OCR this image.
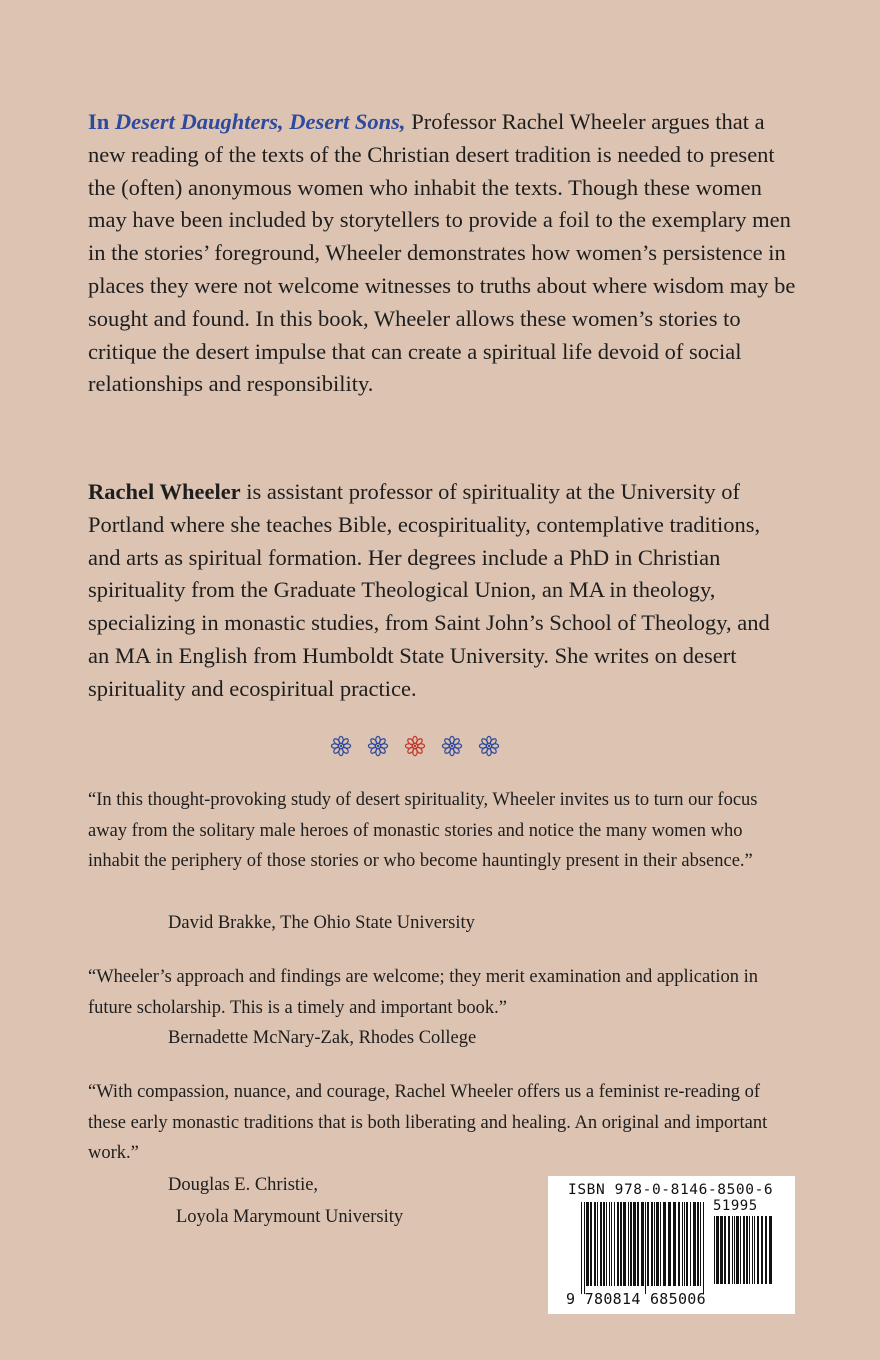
In Desert Daughters, Desert Sons, Professor Rachel Wheeler argues that a new reading of the texts of the Christian desert tradition is needed to present the (often) anonymous women who inhabit the texts. Though these women may have been included by storytellers to provide a foil to the exemplary men in the stories’ foreground, Wheeler demonstrates how women’s persistence in places they were not welcome witnesses to truths about where wisdom may be sought and found. In this book, Wheeler allows these women’s stories to critique the desert impulse that can create a spiritual life devoid of social relationships and responsibility.

Rachel Wheeler is assistant professor of spirituality at the University of Portland where she teaches Bible, ecospirituality, contemplative traditions, and arts as spiritual formation. Her degrees include a PhD in Christian spirituality from the Graduate Theological Union, an MA in theology, specializing in monastic studies, from Saint John’s School of Theology, and an MA in English from Humboldt State University. She writes on desert spirituality and ecospiritual practice.

“In this thought-provoking study of desert spirituality, Wheeler invites us to turn our focus away from the solitary male heroes of monastic stories and notice the many women who inhabit the periphery of those stories or who become hauntingly present in their absence.”

David Brakke, The Ohio State University

“Wheeler’s approach and findings are welcome; they merit examination and application in future scholarship. This is a timely and important book.”

Bernadette McNary-Zak, Rhodes College

“With compassion, nuance, and courage, Rachel Wheeler offers us a feminist re-reading of these early monastic traditions that is both liberating and healing. An original and important work.”

Douglas E. Christie,

Loyola Marymount University

ISBN 978-0-8146-8500-6
51995
9 780814 685006
